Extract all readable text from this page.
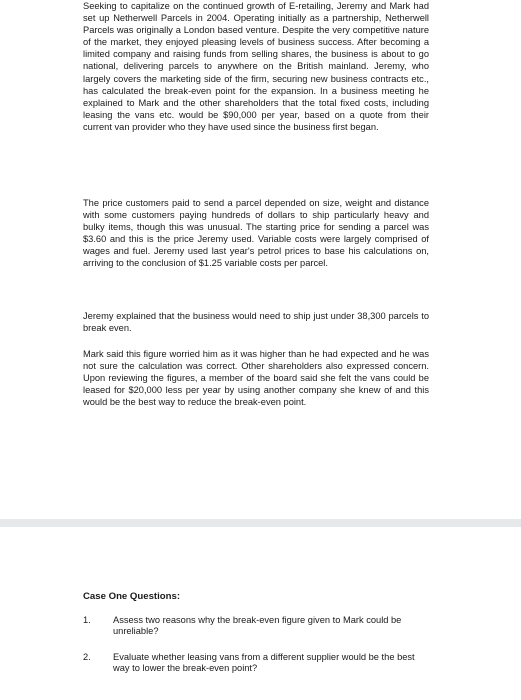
Seeking to capitalize on the continued growth of E-retailing, Jeremy and Mark had set up Netherwell Parcels in 2004. Operating initially as a partnership, Netherwell Parcels was originally a London based venture. Despite the very competitive nature of the market, they enjoyed pleasing levels of business success. After becoming a limited company and raising funds from selling shares, the business is about to go national, delivering parcels to anywhere on the British mainland. Jeremy, who largely covers the marketing side of the firm, securing new business contracts etc., has calculated the break-even point for the expansion. In a business meeting he explained to Mark and the other shareholders that the total fixed costs, including leasing the vans etc. would be $90,000 per year, based on a quote from their current van provider who they have used since the business first began.

The price customers paid to send a parcel depended on size, weight and distance with some customers paying hundreds of dollars to ship particularly heavy and bulky items, though this was unusual. The starting price for sending a parcel was $3.60 and this is the price Jeremy used. Variable costs were largely comprised of wages and fuel. Jeremy used last year's petrol prices to base his calculations on, arriving to the conclusion of $1.25 variable costs per parcel.

Jeremy explained that the business would need to ship just under 38,300 parcels to break even.

Mark said this figure worried him as it was higher than he had expected and he was not sure the calculation was correct. Other shareholders also expressed concern. Upon reviewing the figures, a member of the board said she felt the vans could be leased for $20,000 less per year by using another company she knew of and this would be the best way to reduce the break-even point.

Case One Questions:

1. Assess two reasons why the break-even figure given to Mark could be unreliable?
2. Evaluate whether leasing vans from a different supplier would be the best way to lower the break-even point?
